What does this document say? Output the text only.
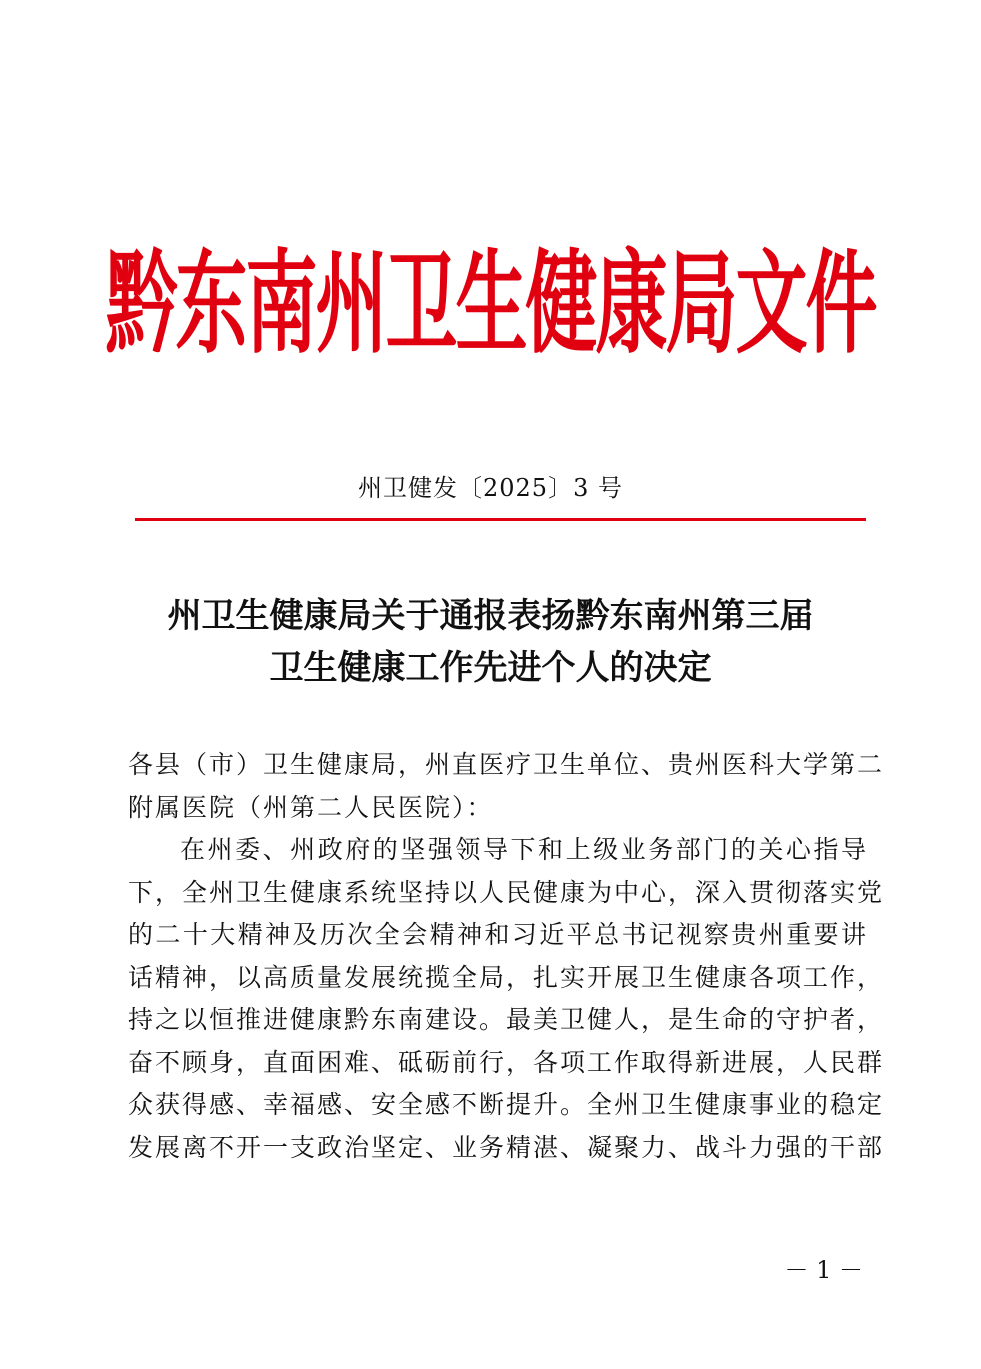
黔东南州卫生健康局文件
州卫健发〔2025〕3 号
州卫生健康局关于通报表扬黔东南州第三届
卫生健康工作先进个人的决定
各县（市）卫生健康局，州直医疗卫生单位、贵州医科大学第二
附属医院（州第二人民医院）：
在州委、州政府的坚强领导下和上级业务部门的关心指导
下，全州卫生健康系统坚持以人民健康为中心，深入贯彻落实党
的二十大精神及历次全会精神和习近平总书记视察贵州重要讲
话精神，以高质量发展统揽全局，扎实开展卫生健康各项工作，
持之以恒推进健康黔东南建设。最美卫健人，是生命的守护者，
奋不顾身，直面困难、砥砺前行，各项工作取得新进展，人民群
众获得感、幸福感、安全感不断提升。全州卫生健康事业的稳定
发展离不开一支政治坚定、业务精湛、凝聚力、战斗力强的干部
－ 1 －
